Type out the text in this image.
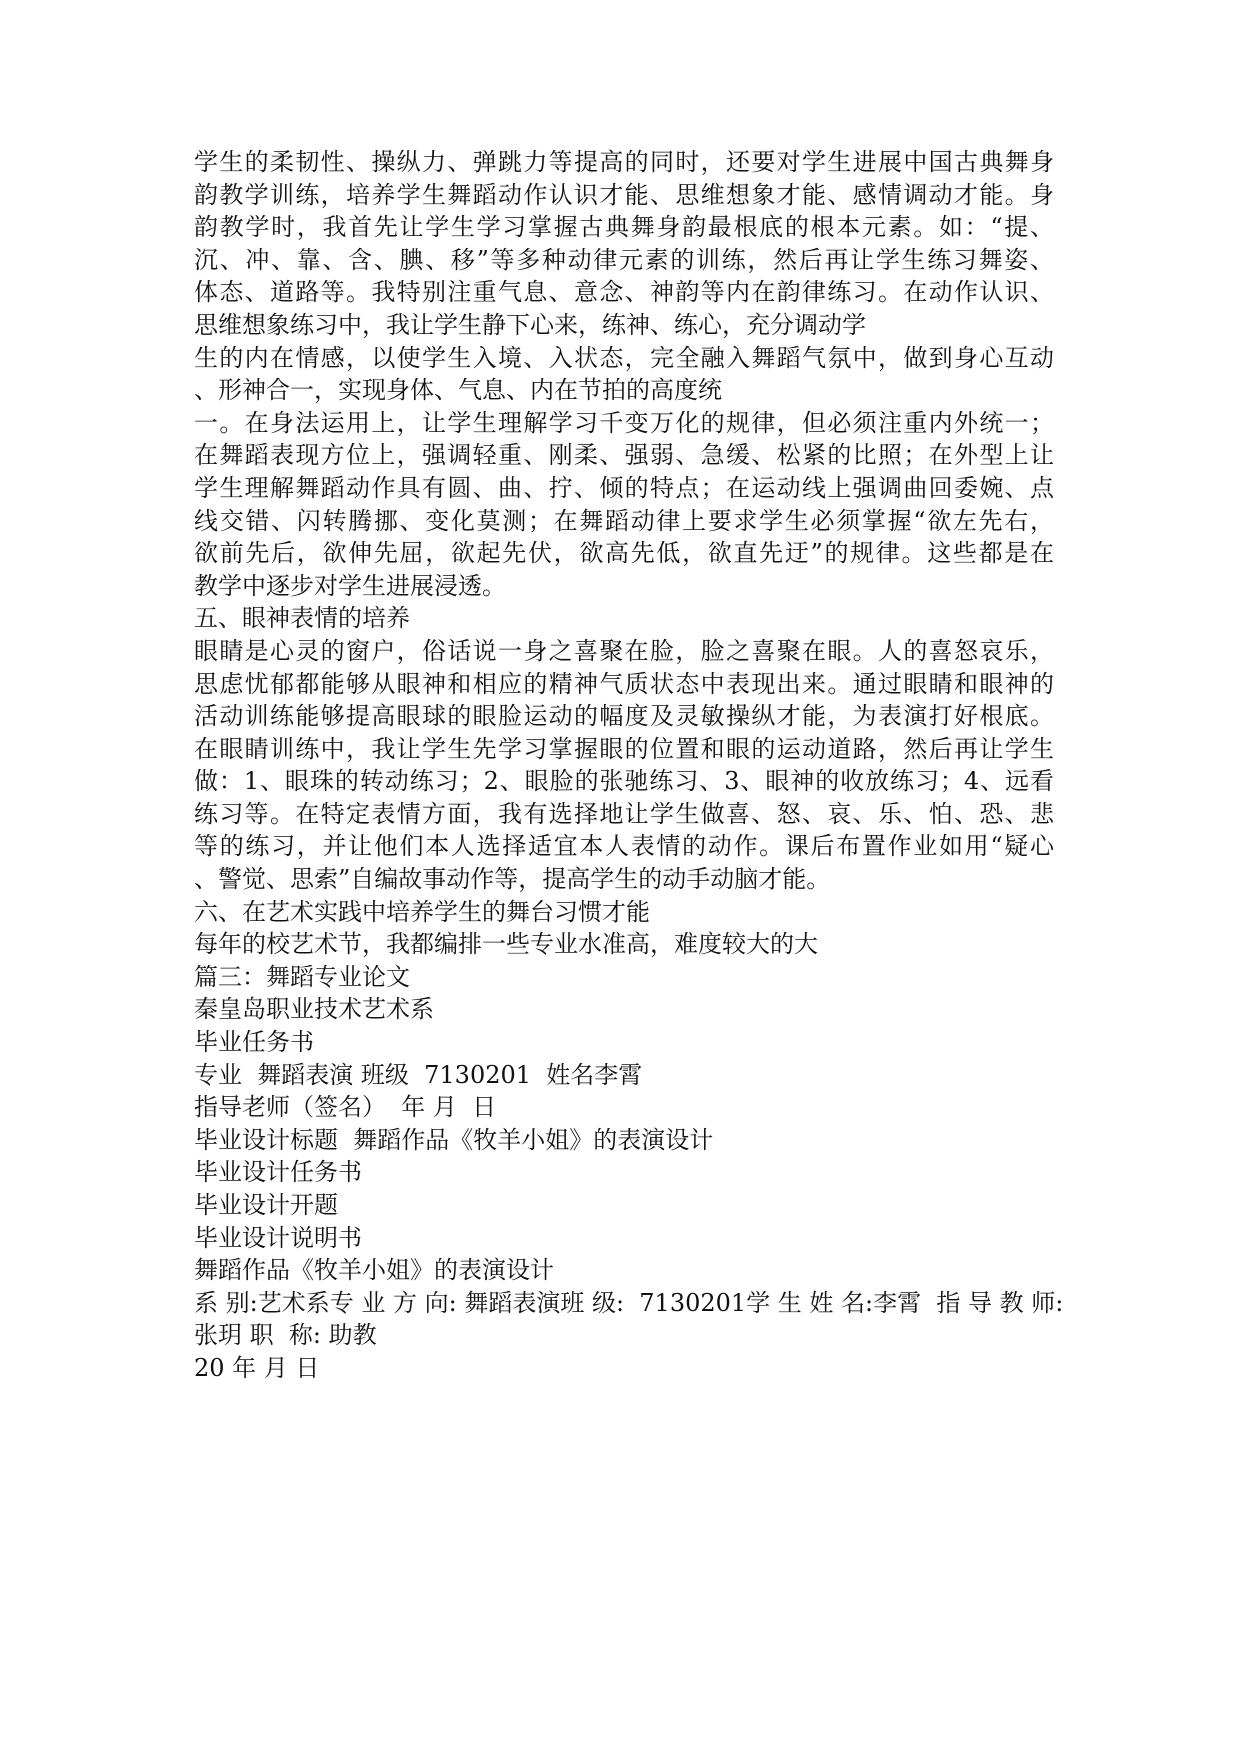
学生的柔韧性、操纵力、弹跳力等提高的同时，还要对学生进展中国古典舞身
韵教学训练，培养学生舞蹈动作认识才能、思维想象才能、感情调动才能。身
韵教学时，我首先让学生学习掌握古典舞身韵最根底的根本元素。如：“提、
沉、冲、靠、含、腆、移”等多种动律元素的训练，然后再让学生练习舞姿、
体态、道路等。我特别注重气息、意念、神韵等内在韵律练习。在动作认识、
思维想象练习中，我让学生静下心来，练神、练心，充分调动学
生的内在情感，以使学生入境、入状态，完全融入舞蹈气氛中，做到身心互动
、形神合一，实现身体、气息、内在节拍的高度统
一。在身法运用上，让学生理解学习千变万化的规律，但必须注重内外统一；
在舞蹈表现方位上，强调轻重、刚柔、强弱、急缓、松紧的比照；在外型上让
学生理解舞蹈动作具有圆、曲、拧、倾的特点；在运动线上强调曲回委婉、点
线交错、闪转腾挪、变化莫测；在舞蹈动律上要求学生必须掌握“欲左先右，
欲前先后，欲伸先屈，欲起先伏，欲高先低，欲直先迂”的规律。这些都是在
教学中逐步对学生进展浸透。
五、眼神表情的培养
眼睛是心灵的窗户，俗话说一身之喜聚在脸，脸之喜聚在眼。人的喜怒哀乐，
思虑忧郁都能够从眼神和相应的精神气质状态中表现出来。通过眼睛和眼神的
活动训练能够提高眼球的眼脸运动的幅度及灵敏操纵才能，为表演打好根底。
在眼睛训练中，我让学生先学习掌握眼的位置和眼的运动道路，然后再让学生
做：1、眼珠的转动练习；2、眼脸的张驰练习、3、眼神的收放练习；4、远看
练习等。在特定表情方面，我有选择地让学生做喜、怒、哀、乐、怕、恐、悲
等的练习，并让他们本人选择适宜本人表情的动作。课后布置作业如用“疑心
、警觉、思索”自编故事动作等，提高学生的动手动脑才能。
六、在艺术实践中培养学生的舞台习惯才能
每年的校艺术节，我都编排一些专业水准高，难度较大的大
篇三：舞蹈专业论文
秦皇岛职业技术艺术系
毕业任务书
专业  舞蹈表演 班级  7130201  姓名李霄
指导老师（签名）  年 月  日
毕业设计标题  舞蹈作品《牧羊小姐》的表演设计
毕业设计任务书
毕业设计开题
毕业设计说明书
舞蹈作品《牧羊小姐》的表演设计
系 别:艺术系专 业 方 向: 舞蹈表演班 级:  7130201学 生 姓 名:李霄  指 导 教 师:
张玥 职  称: 助教
20 年 月 日
